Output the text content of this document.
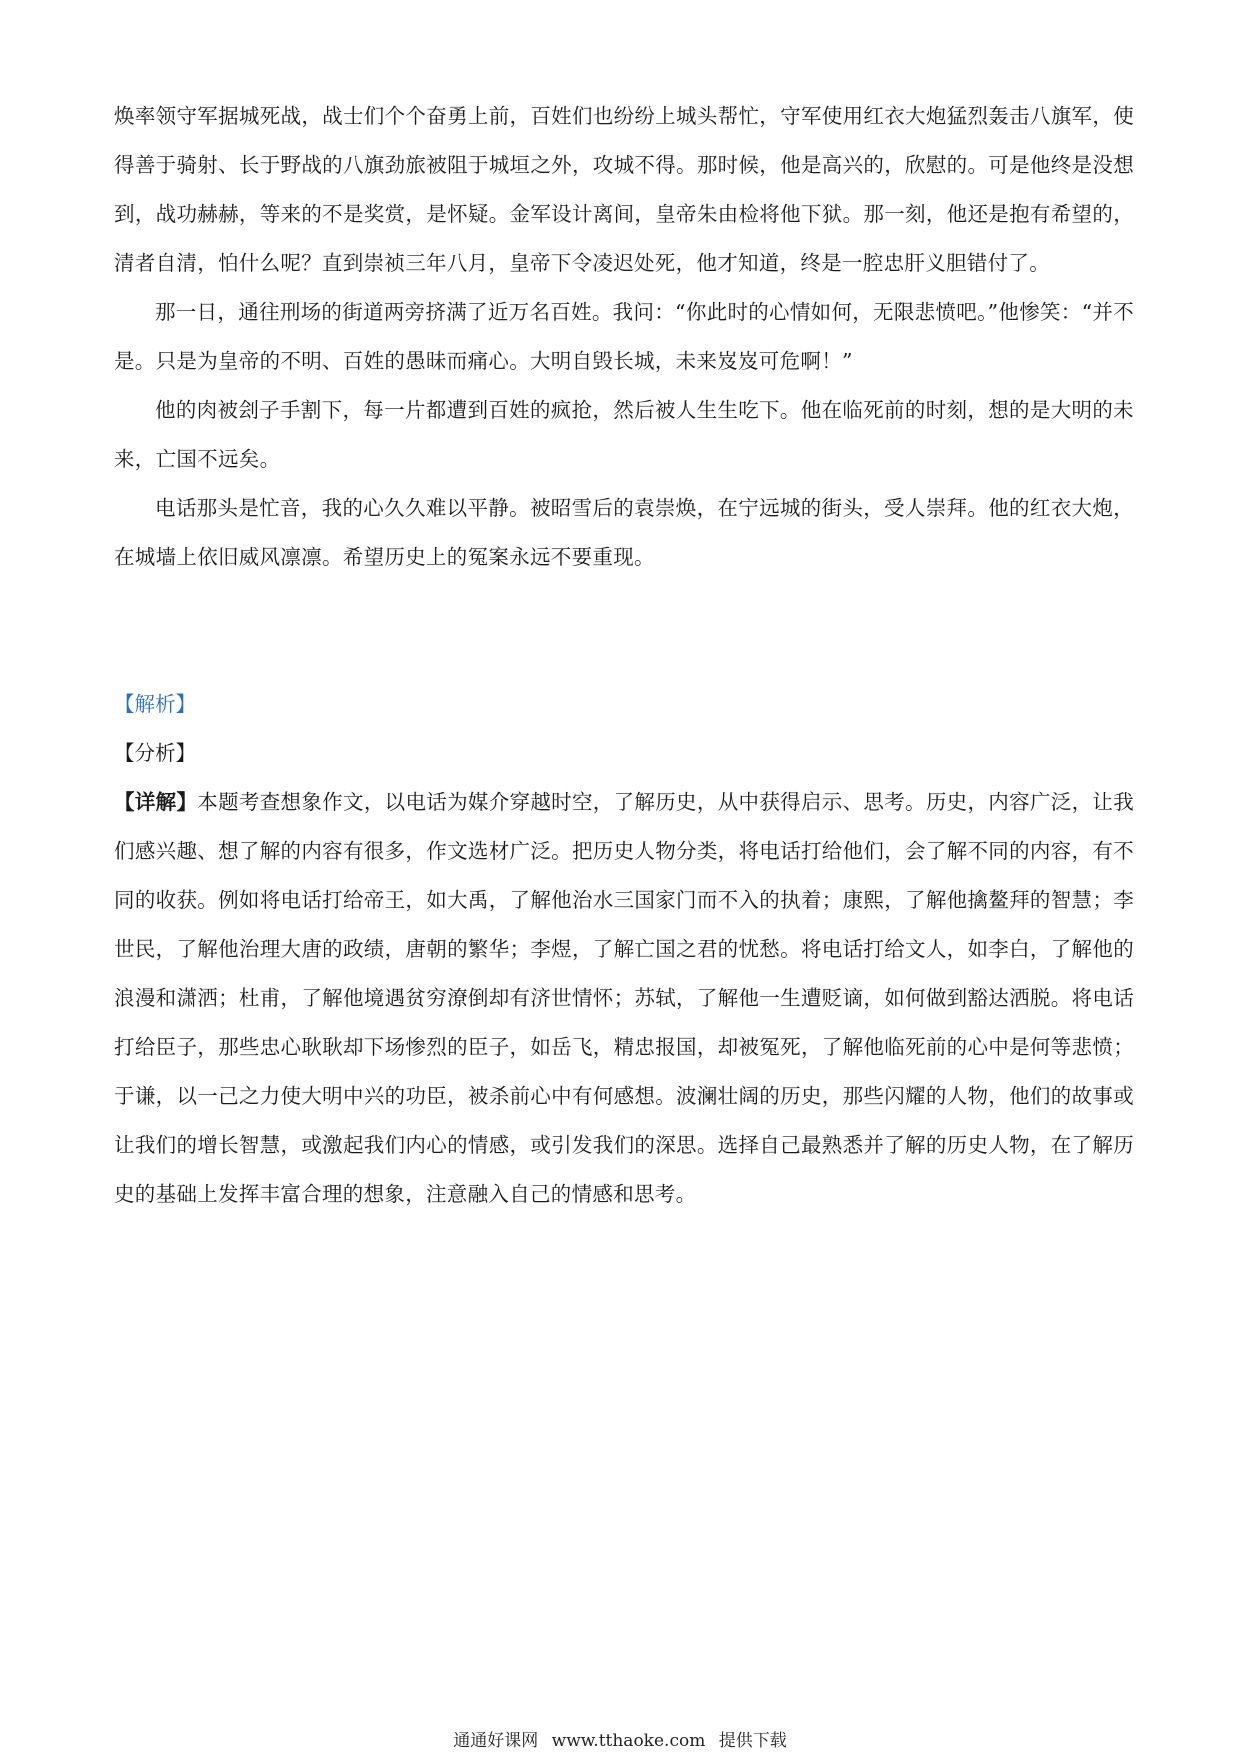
焕率领守军据城死战，战士们个个奋勇上前，百姓们也纷纷上城头帮忙，守军使用红衣大炮猛烈轰击八旗军，使得善于骑射、长于野战的八旗劲旅被阻于城垣之外，攻城不得。那时候，他是高兴的，欣慰的。可是他终是没想到，战功赫赫，等来的不是奖赏，是怀疑。金军设计离间，皇帝朱由检将他下狱。那一刻，他还是抱有希望的，清者自清，怕什么呢？直到崇祯三年八月，皇帝下令凌迟处死，他才知道，终是一腔忠肝义胆错付了。

那一日，通往刑场的街道两旁挤满了近万名百姓。我问：“你此时的心情如何，无限悲愤吧。”他惨笑：“并不是。只是为皇帝的不明、百姓的愚昧而痛心。大明自毁长城，未来岌岌可危啊！”

他的肉被刽子手割下，每一片都遭到百姓的疯抢，然后被人生生吃下。他在临死前的时刻，想的是大明的未来，亡国不远矣。

电话那头是忙音，我的心久久难以平静。被昭雪后的袁崇焕，在宁远城的街头，受人崇拜。他的红衣大炮，在城墙上依旧威风凛凛。希望历史上的冤案永远不要重现。

【解析】

【分析】

【详解】本题考查想象作文，以电话为媒介穿越时空，了解历史，从中获得启示、思考。历史，内容广泛，让我们感兴趣、想了解的内容有很多，作文选材广泛。把历史人物分类，将电话打给他们，会了解不同的内容，有不同的收获。例如将电话打给帝王，如大禹，了解他治水三国家门而不入的执着；康熙，了解他擒鳌拜的智慧；李世民，了解他治理大唐的政绩，唐朝的繁华；李煜，了解亡国之君的忧愁。将电话打给文人，如李白，了解他的浪漫和潇洒；杜甫，了解他境遇贫穷潦倒却有济世情怀；苏轼，了解他一生遭贬谪，如何做到豁达洒脱。将电话打给臣子，那些忠心耿耿却下场惨烈的臣子，如岳飞，精忠报国，却被冤死，了解他临死前的心中是何等悲愤；于谦，以一己之力使大明中兴的功臣，被杀前心中有何感想。波澜壮阔的历史，那些闪耀的人物，他们的故事或让我们的增长智慧，或激起我们内心的情感，或引发我们的深思。选择自己最熟悉并了解的历史人物，在了解历史的基础上发挥丰富合理的想象，注意融入自己的情感和思考。

通通好课网 www.tthaoke.com 提供下载
